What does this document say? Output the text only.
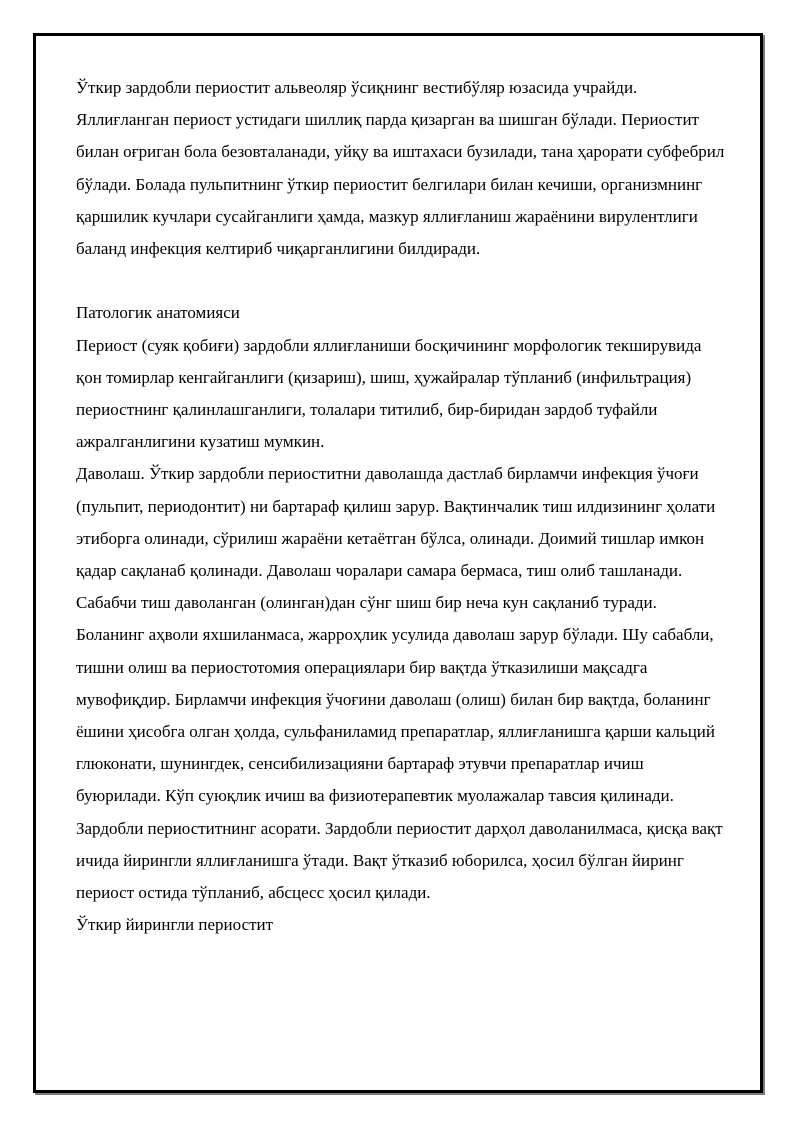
Ўткир зардобли периостит альвеоляр ўсиқнинг вестибўляр юзасида учрайди. Яллиғланган периост устидаги шиллиқ парда қизарган ва шишган бўлади. Периостит билан оғриган бола безовталанади, уйқу ва иштахаси бузилади, тана ҳарорати субфебрил бўлади. Болада пульпитнинг ўткир периостит белгилари билан кечиши, организмнинг қаршилик кучлари сусайганлиги ҳамда, мазкур яллиғланиш жараёнини вирулентлиги баланд инфекция келтириб чиқарганлигини билдиради.

Патологик анатомияси

Периост (суяк қобиғи) зардобли яллиғланиши босқичининг морфологик текширувида қон томирлар кенгайганлиги (қизариш), шиш, ҳужайралар тўпланиб (инфильтрация) периостнинг қалинлашганлиги, толалари титилиб, бир-биридан зардоб туфайли ажралганлигини кузатиш мумкин.

Даволаш. Ўткир зардобли периоститни даволашда дастлаб бирламчи инфекция ўчоғи (пульпит, периодонтит) ни бартараф қилиш зарур. Вақтинчалик тиш илдизининг ҳолати этиборга олинади, сўрилиш жараёни кетаётган бўлса, олинади. Доимий тишлар имкон қадар сақланаб қолинади. Даволаш чоралари самара бермаса, тиш олиб ташланади. Сабабчи тиш даволанган (олинган)дан сўнг шиш бир неча кун сақланиб туради. Боланинг аҳволи яхшиланмаса, жарроҳлик усулида даволаш зарур бўлади. Шу сабабли, тишни олиш ва периостотомия операциялари бир вақтда ўтказилиши мақсадга мувофиқдир. Бирламчи инфекция ўчоғини даволаш (олиш) билан бир вақтда, боланинг ёшини ҳисобга олган ҳолда, сульфаниламид препаратлар, яллиғланишга қарши кальций глюконати, шунингдек, сенсибилизацияни бартараф этувчи препаратлар ичиш буюрилади. Кўп суюқлик ичиш ва физиотерапевтик муолажалар тавсия қилинади.

Зардобли периоститнинг асорати. Зардобли периостит дарҳол даволанилмаса, қисқа вақт ичида йирингли яллиғланишга ўтади. Вақт ўтказиб юборилса, ҳосил бўлган йиринг периост остида тўпланиб, абсцесс ҳосил қилади.

Ўткир йирингли периостит
